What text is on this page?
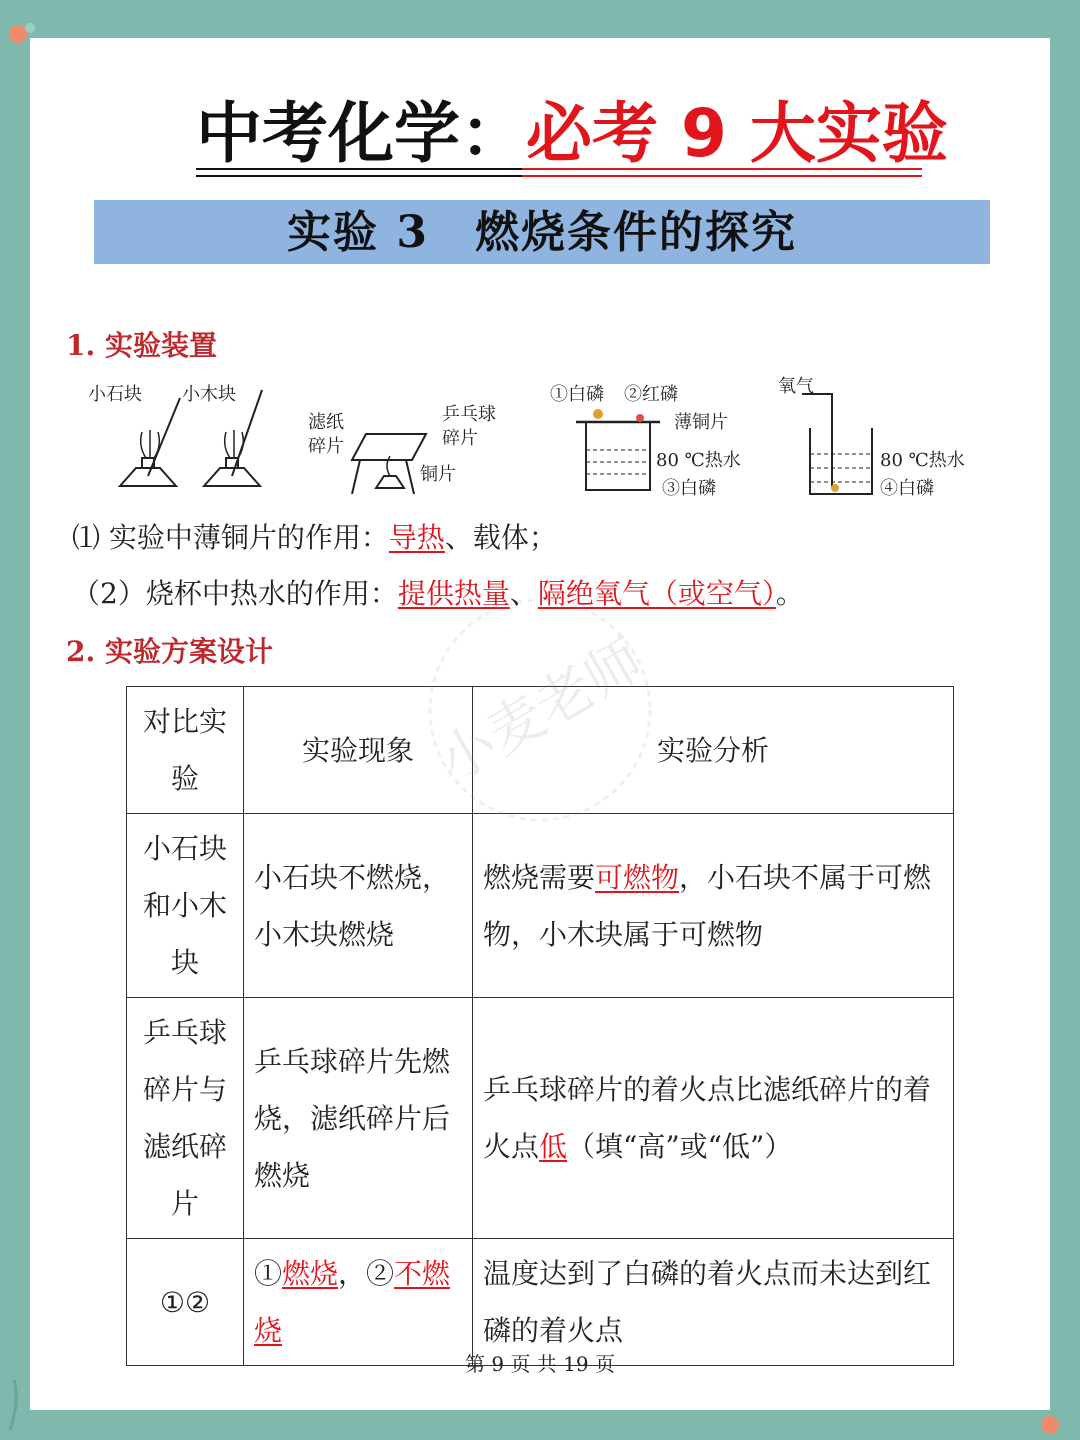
中考化学：必考 9 大实验
实验 3　燃烧条件的探究
1. 实验装置
小石块 小木块
滤纸
碎片
乒乓球
碎片
铜片
①白磷 ②红磷
薄铜片
80 ℃热水
③白磷
氧气
80 ℃热水
④白磷
⑴ 实验中薄铜片的作用：导热、载体；
（2）烧杯中热水的作用：提供热量、隔绝氧气（或空气）。
2. 实验方案设计
对比实验	实验现象	实验分析
小石块和小木块	小石块不燃烧，小木块燃烧	燃烧需要可燃物，小石块不属于可燃物，小木块属于可燃物
乒乓球碎片与滤纸碎片	乒乓球碎片先燃烧，滤纸碎片后燃烧	乒乓球碎片的着火点比滤纸碎片的着火点低（填“高”或“低”）
①②	①燃烧，②不燃烧	温度达到了白磷的着火点而未达到红磷的着火点
第 9 页 共 19 页
